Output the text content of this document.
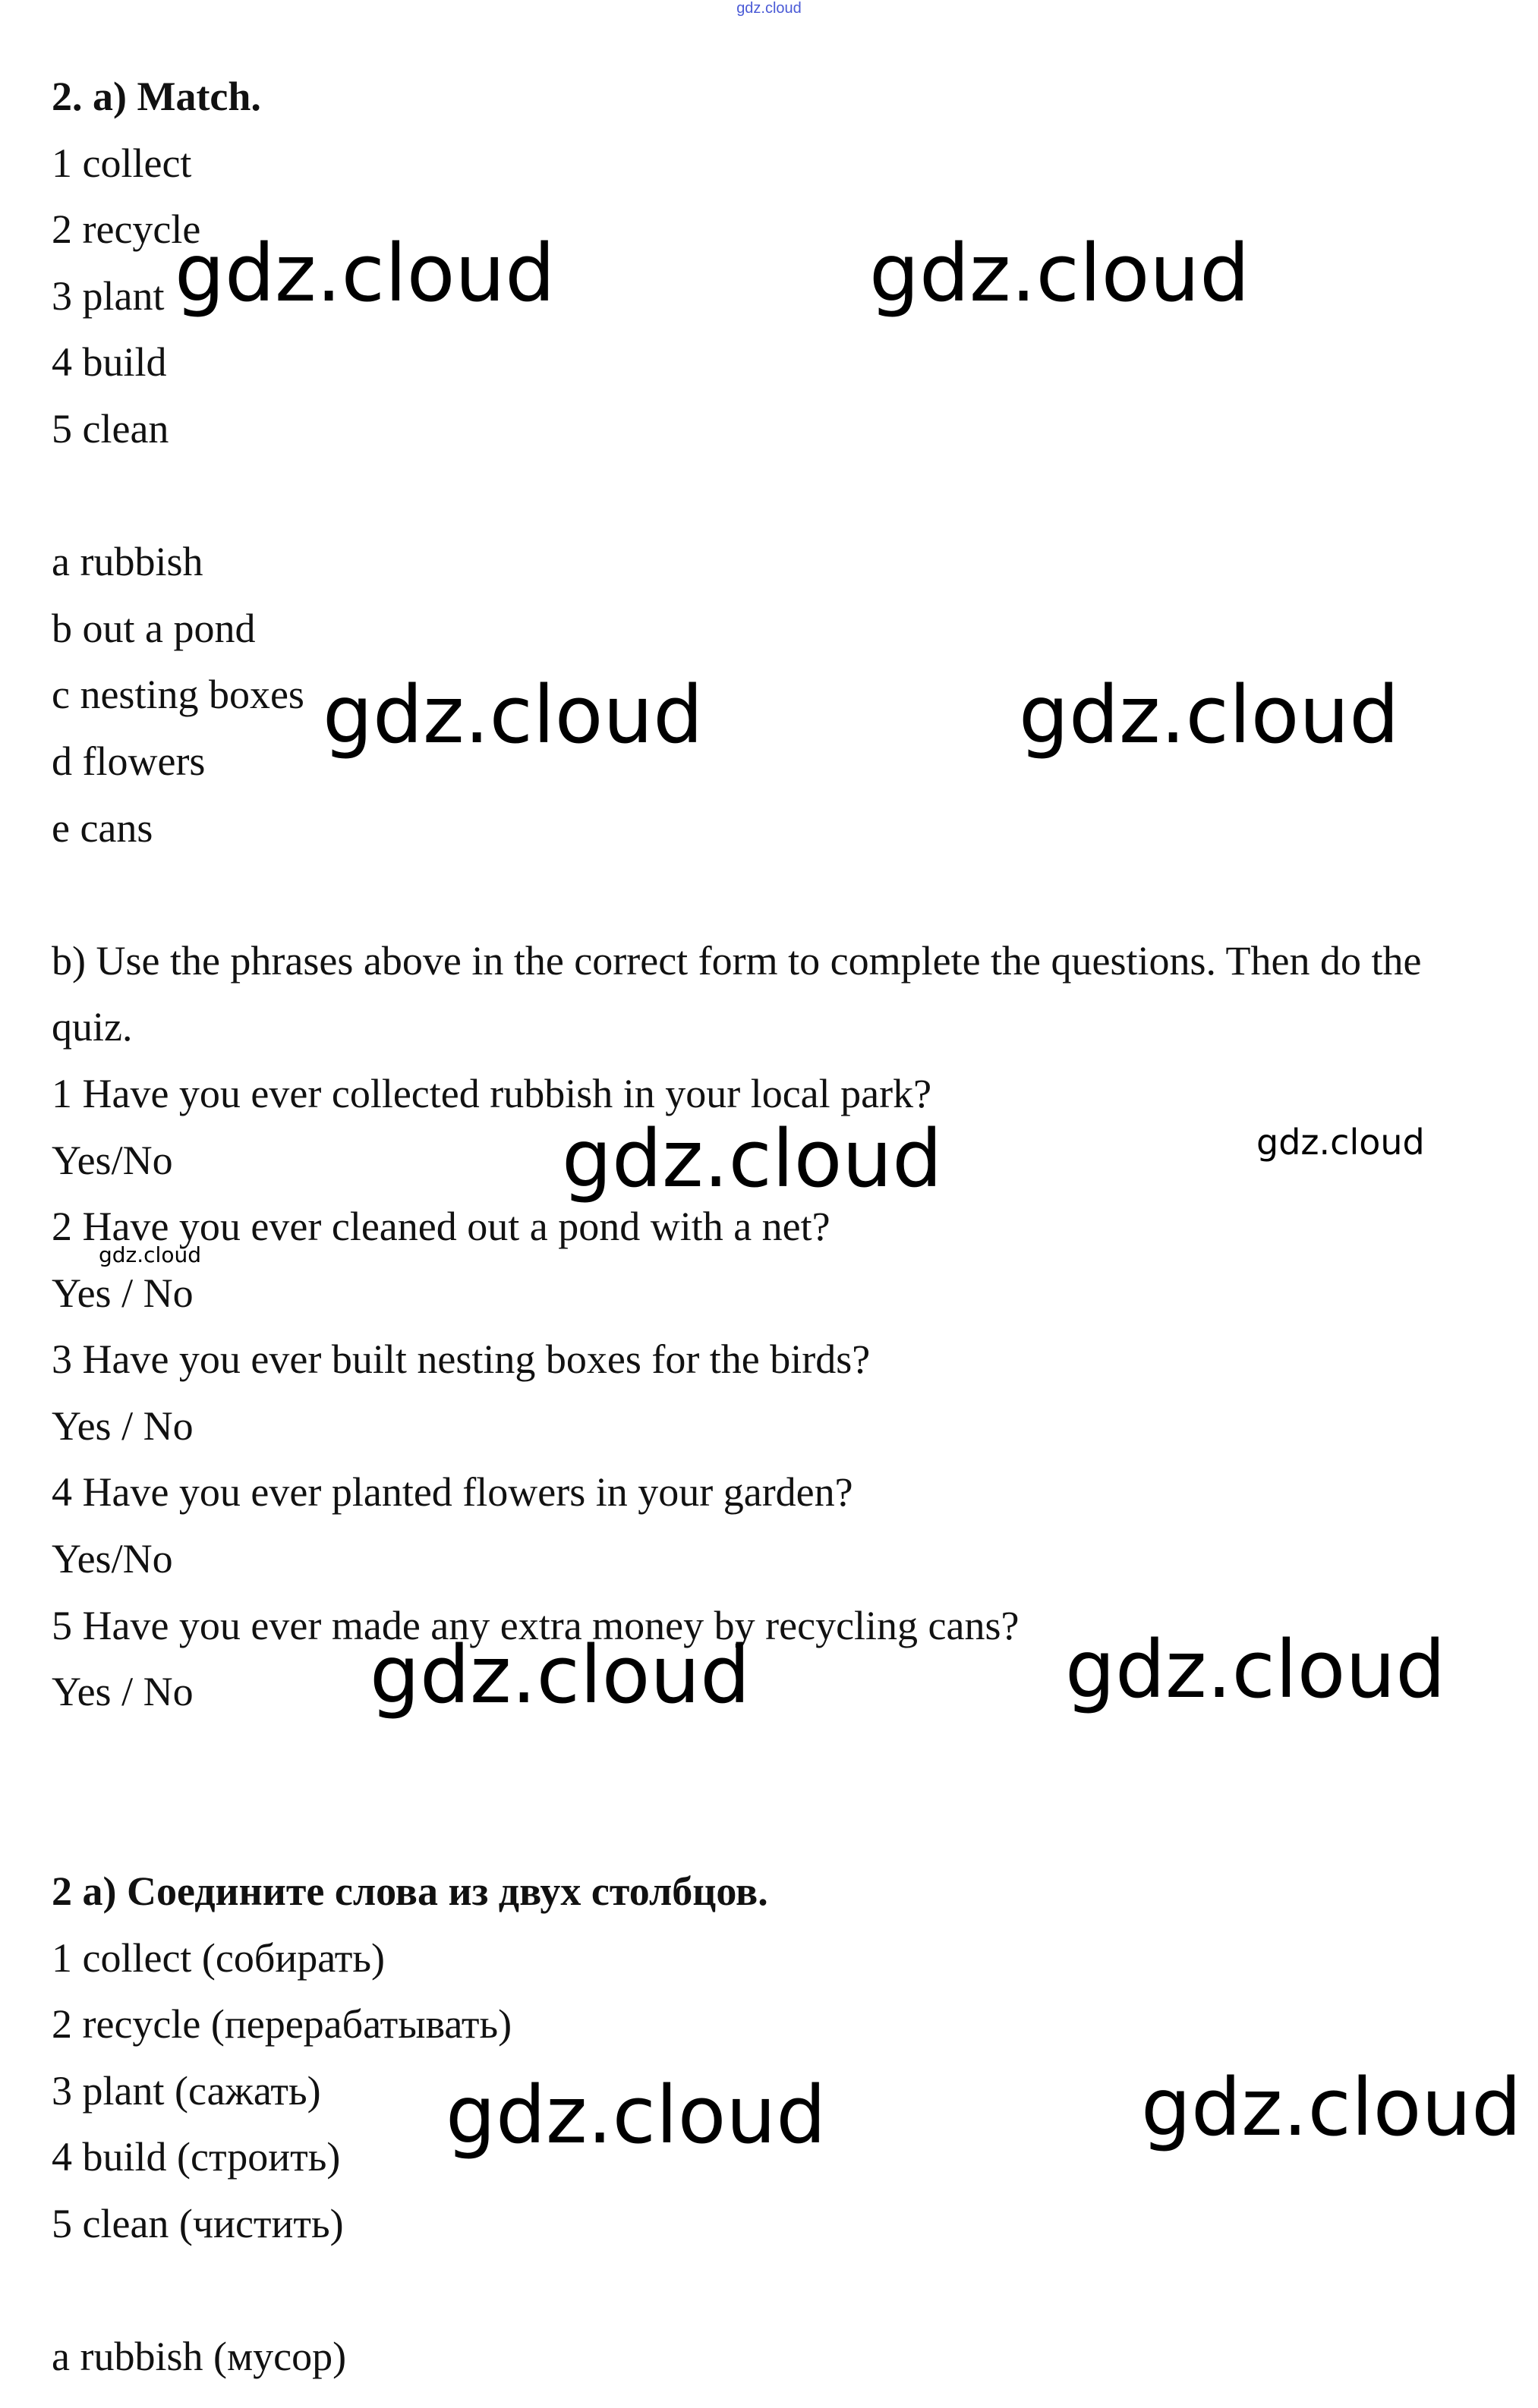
gdz.cloud
2. a) Match.
1 collect
2 recycle
3 plant
4 build
5 clean
a rubbish
b out a pond
c nesting boxes
d flowers
e cans
b) Use the phrases above in the correct form to complete the questions. Then do the quiz.
1 Have you ever collected rubbish in your local park?
Yes/No
2 Have you ever cleaned out a pond with a net?
Yes / No
3 Have you ever built nesting boxes for the birds?
Yes / No
4 Have you ever planted flowers in your garden?
Yes/No
5 Have you ever made any extra money by recycling cans?
Yes / No
2 а) Соедините слова из двух столбцов.
1 collect (собирать)
2 recycle (перерабатывать)
3 plant (сажать)
4 build (строить)
5 clean (чистить)
a rubbish (мусор)
gdz.cloud	gdz.cloud
gdz.cloud	gdz.cloud
gdz.cloud	gdz.cloud
gdz.cloud
gdz.cloud	gdz.cloud
gdz.cloud	gdz.cloud
